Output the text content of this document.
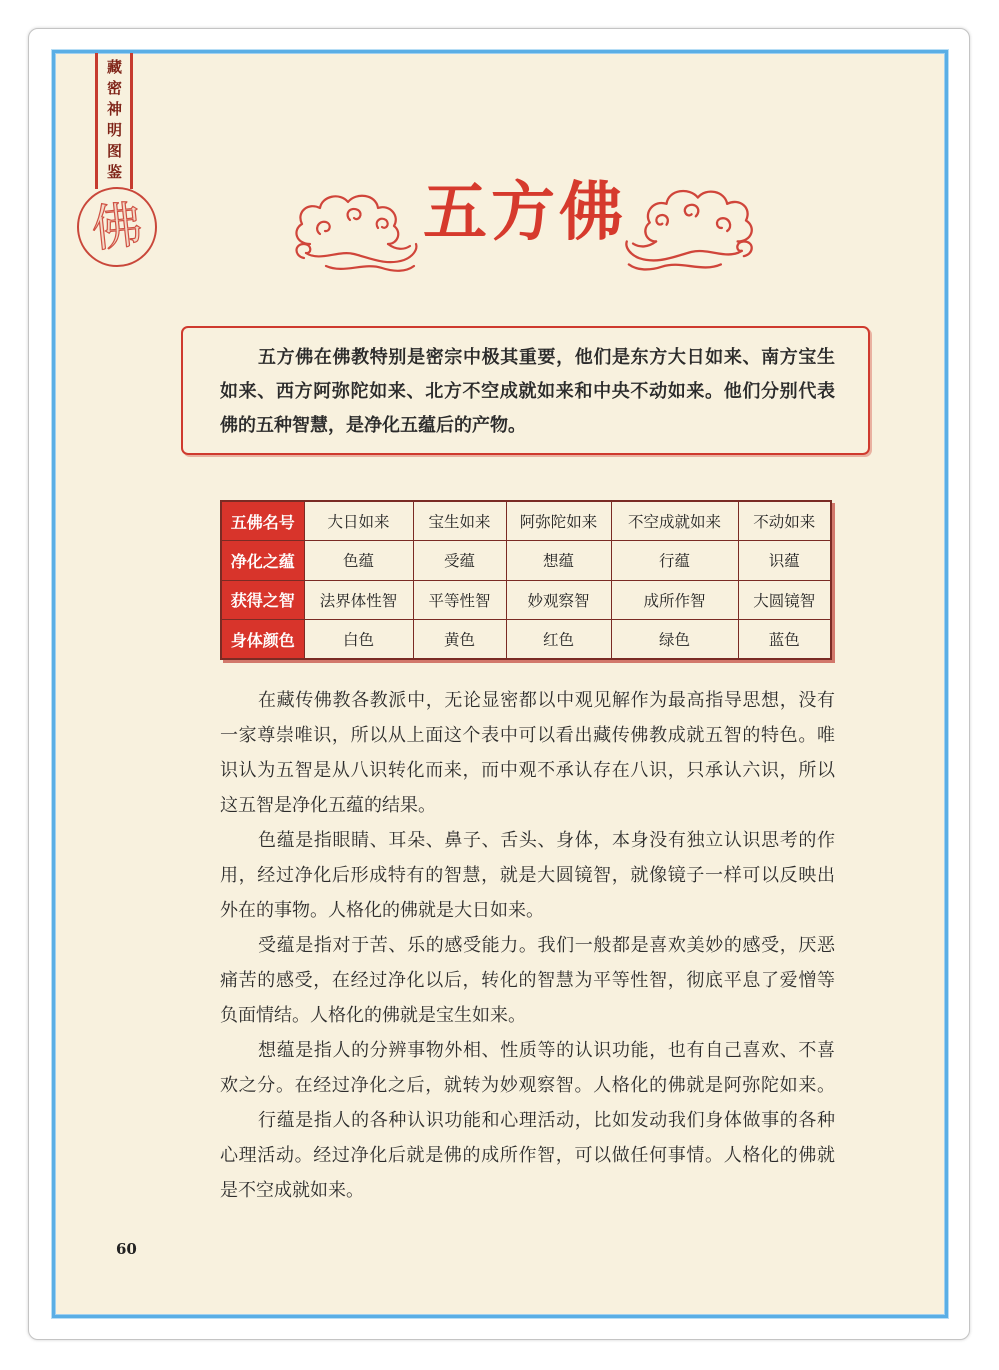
藏密神明图鉴
佛	五方佛
五方佛在佛教特别是密宗中极其重要，他们是东方大日如来、南方宝生
如来、西方阿弥陀如来、北方不空成就如来和中央不动如来。他们分别代表
佛的五种智慧，是净化五蕴后的产物。
五佛名号	大日如来	宝生如来	阿弥陀如来	不空成就如来	不动如来
净化之蕴	色蕴	受蕴	想蕴	行蕴	识蕴
获得之智	法界体性智	平等性智	妙观察智	成所作智	大圆镜智
身体颜色	白色	黄色	红色	绿色	蓝色
在藏传佛教各教派中，无论显密都以中观见解作为最高指导思想，没有
一家尊崇唯识，所以从上面这个表中可以看出藏传佛教成就五智的特色。唯
识认为五智是从八识转化而来，而中观不承认存在八识，只承认六识，所以
这五智是净化五蕴的结果。
色蕴是指眼睛、耳朵、鼻子、舌头、身体，本身没有独立认识思考的作
用，经过净化后形成特有的智慧，就是大圆镜智，就像镜子一样可以反映出
外在的事物。人格化的佛就是大日如来。
受蕴是指对于苦、乐的感受能力。我们一般都是喜欢美妙的感受，厌恶
痛苦的感受，在经过净化以后，转化的智慧为平等性智，彻底平息了爱憎等
负面情结。人格化的佛就是宝生如来。
想蕴是指人的分辨事物外相、性质等的认识功能，也有自己喜欢、不喜
欢之分。在经过净化之后，就转为妙观察智。人格化的佛就是阿弥陀如来。
行蕴是指人的各种认识功能和心理活动，比如发动我们身体做事的各种
心理活动。经过净化后就是佛的成所作智，可以做任何事情。人格化的佛就
是不空成就如来。
60
